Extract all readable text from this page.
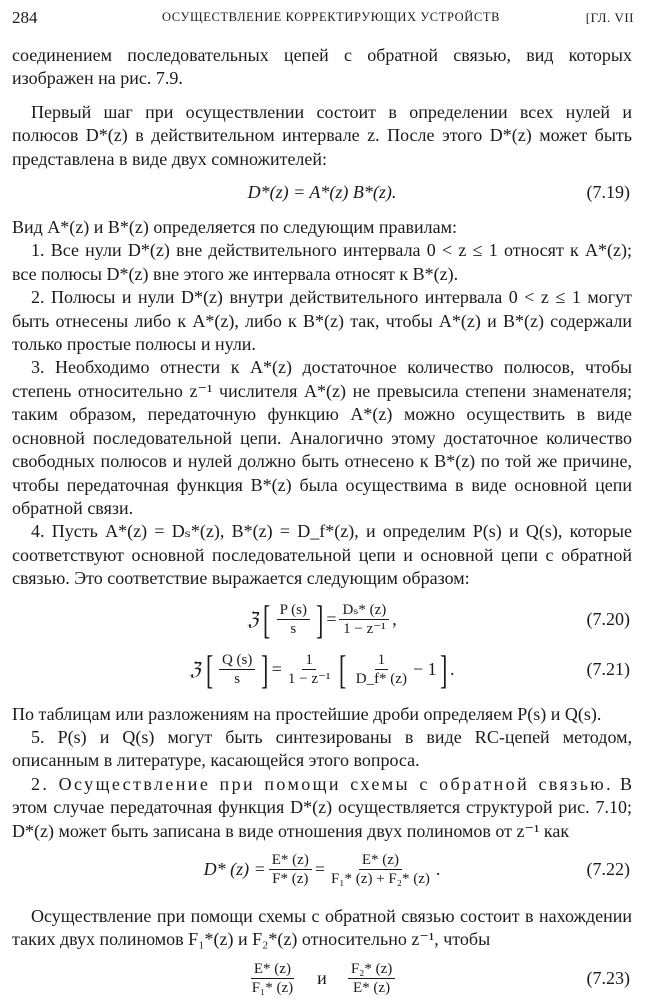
284	ОСУЩЕСТВЛЕНИЕ КОРРЕКТИРУЮЩИХ УСТРОЙСТВ	[ГЛ. VII

соединением последовательных цепей с обратной связью, вид которых изображен на рис. 7.9.

Первый шаг при осуществлении состоит в определении всех нулей и полюсов D*(z) в действительном интервале z. После этого D*(z) может быть представлена в виде двух сомножителей:

D*(z) = A*(z) B*(z).	(7.19)

Вид A*(z) и B*(z) определяется по следующим правилам:

1. Все нули D*(z) вне действительного интервала 0 < z ≤ 1 относят к A*(z); все полюсы D*(z) вне этого же интервала относят к B*(z).

2. Полюсы и нули D*(z) внутри действительного интервала 0 < z ≤ 1 могут быть отнесены либо к A*(z), либо к B*(z) так, чтобы A*(z) и B*(z) содержали только простые полюсы и нули.

3. Необходимо отнести к A*(z) достаточное количество полюсов, чтобы степень относительно z⁻¹ числителя A*(z) не превысила степени знаменателя; таким образом, передаточную функцию A*(z) можно осуществить в виде основной последовательной цепи. Аналогично этому достаточное количество свободных полюсов и нулей должно быть отнесено к B*(z) по той же причине, чтобы передаточная функция B*(z) была осуществима в виде основной цепи обратной связи.

4. Пусть A*(z) = Dₛ*(z), B*(z) = D_f*(z), и определим P(s) и Q(s), которые соответствуют основной последовательной цепи и основной цепи с обратной связью. Это соответствие выражается следующим образом:

ℨ [ $\frac{P (s)}{s}$ ] = $\frac{\text{Dₛ* (z)}}{\text{1 − z⁻¹}}$ ,	(7.20)
ℨ [ $\frac{Q (s)}{s}$ ] = $\frac{1}{\text{1 − z⁻¹}}$ [ $\frac{1}{D\_f* (z)} - 1$ ] .	(7.21)

По таблицам или разложениям на простейшие дроби определяем P(s) и Q(s).

5. P(s) и Q(s) могут быть синтезированы в виде RC-цепей методом, описанным в литературе, касающейся этого вопроса.

2. Осуществление при помощи схемы с обратной связью. В этом случае передаточная функция D*(z) осуществляется структурой рис. 7.10; D*(z) может быть записана в виде отношения двух полиномов от z⁻¹ как

D* $(z) = \frac{E* (z)}{F* (z)} = \frac{E* (z)}{\text{F₁* (z) + F₂* (z)}}$ .	(7.22)

Осуществление при помощи схемы с обратной связью состоит в нахождении таких двух полиномов F₁*(z) и F₂*(z) относительно z⁻¹, чтобы

$\frac{E* (z)}{\text{F₁* (z)}}$ и $\frac{\text{F₂* (z)}}{E* (z)}$	(7.23)
